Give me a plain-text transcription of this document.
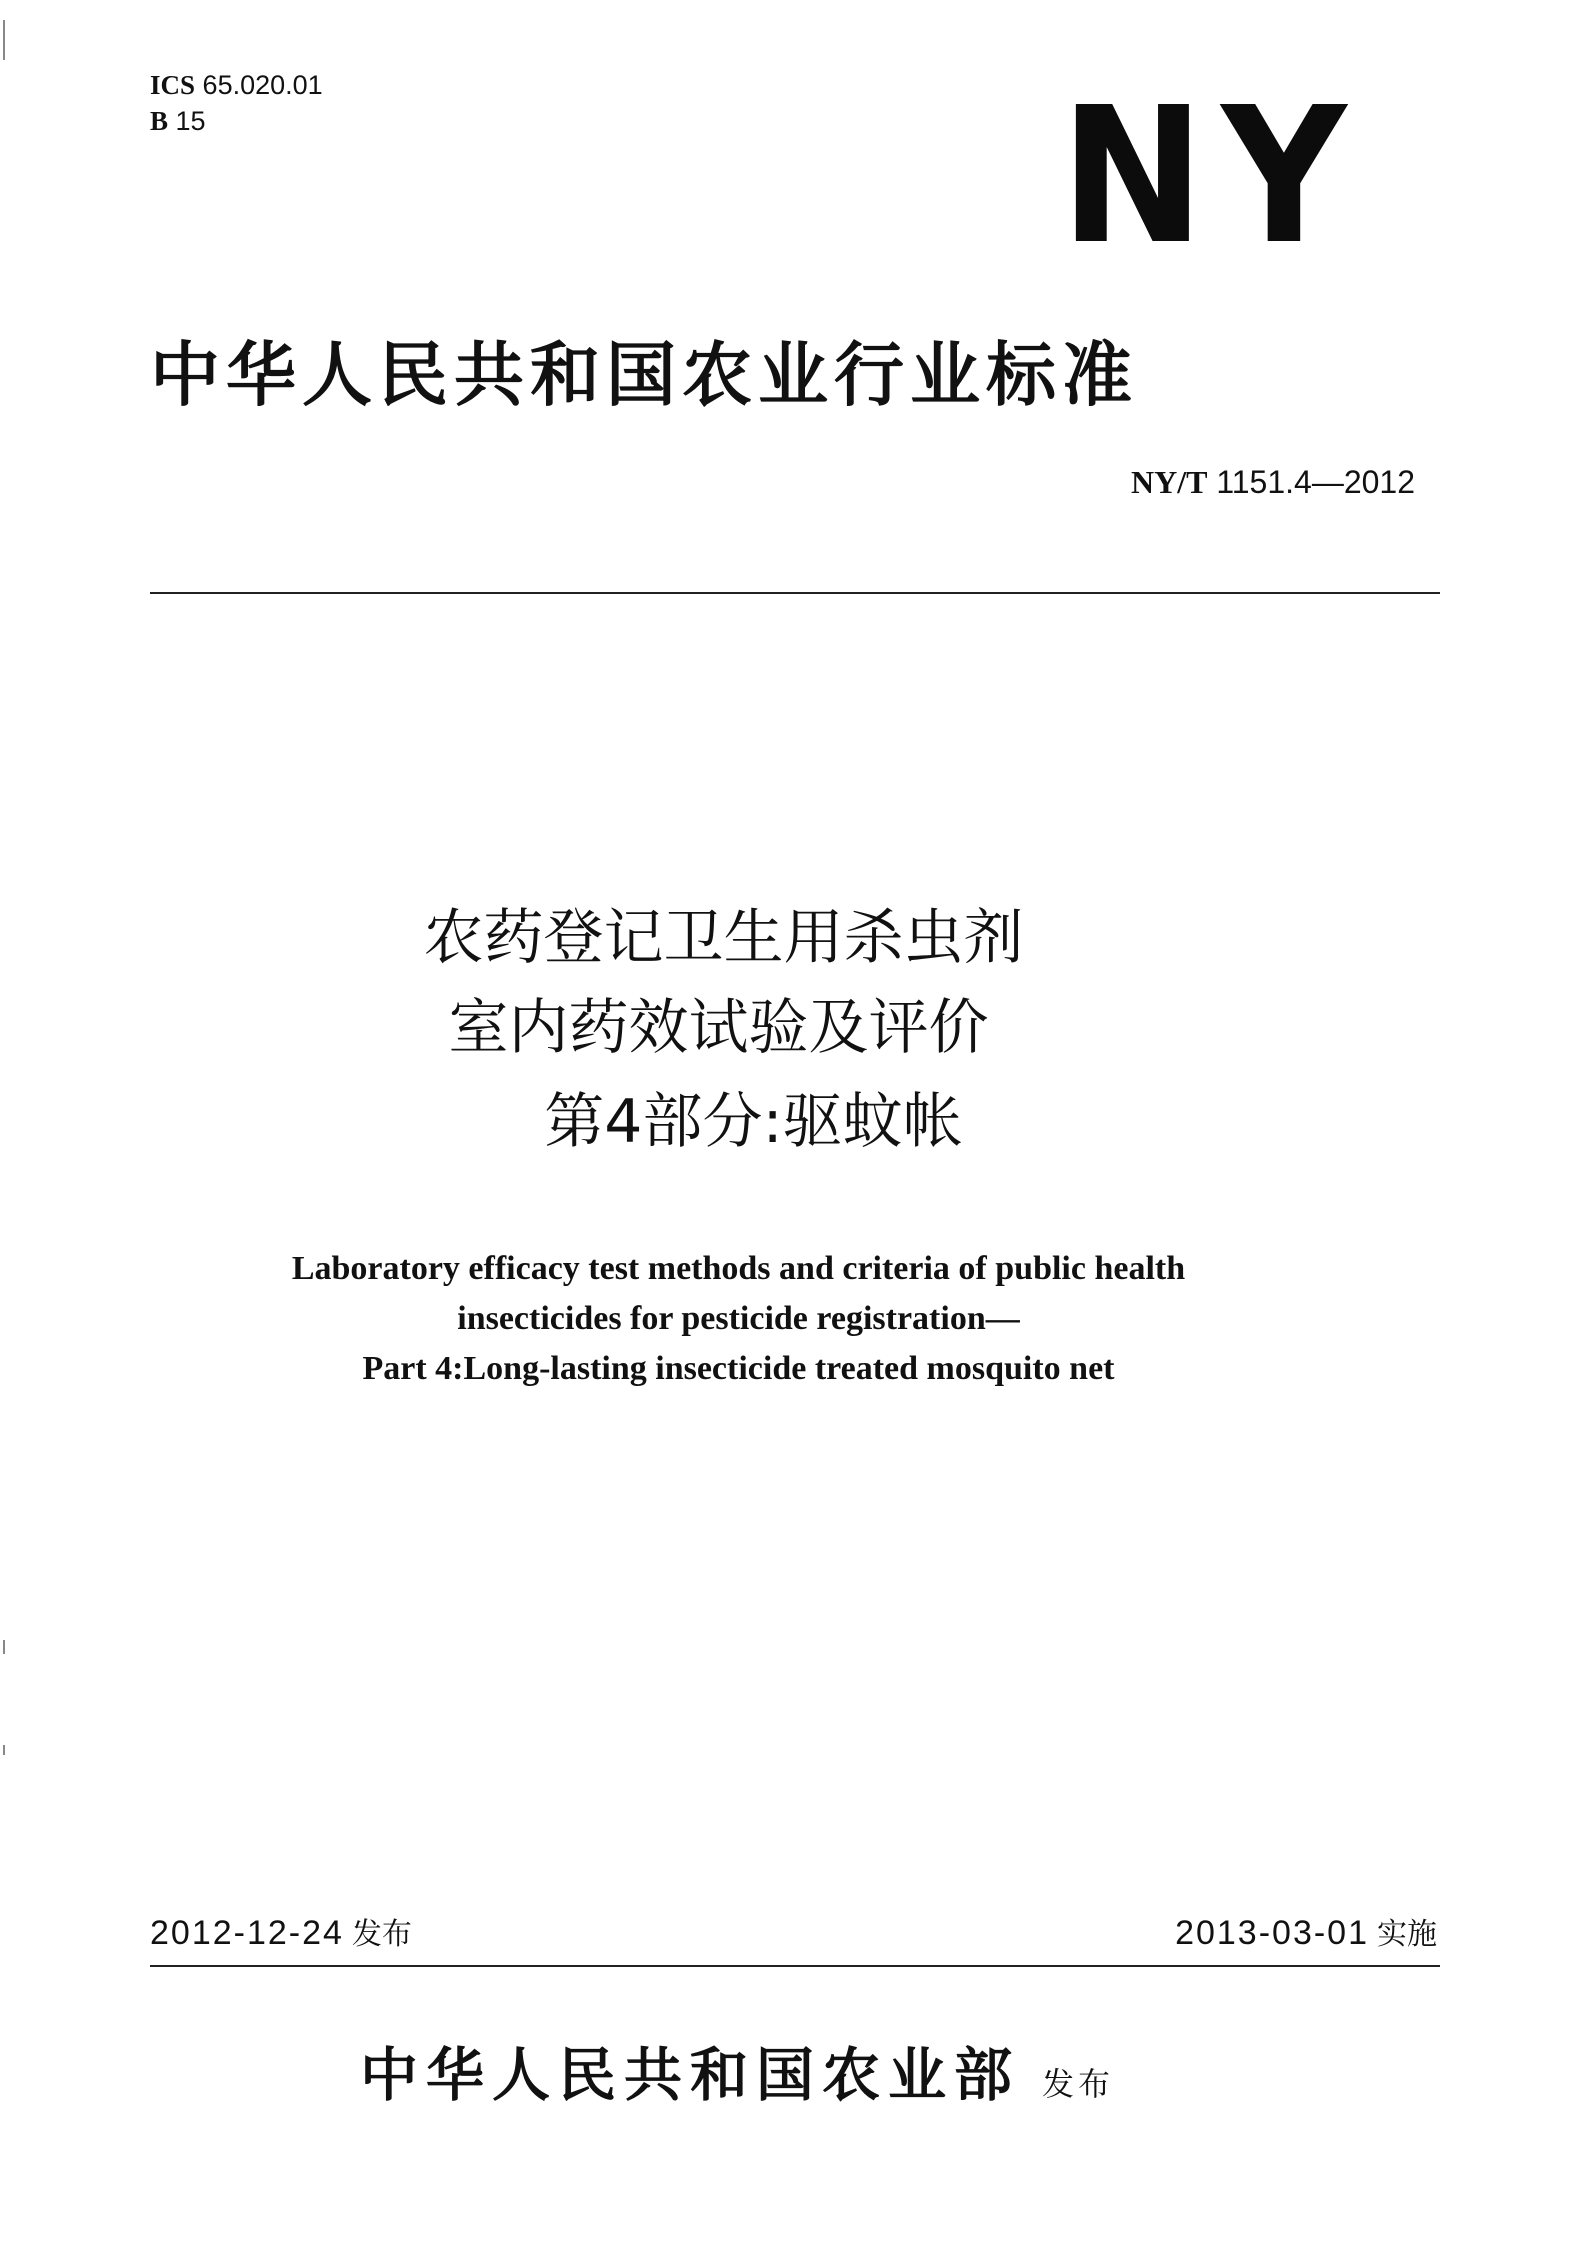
ICS 65.020.01
B 15	NY
中华人民共和国农业行业标准
NY/T 1151.4—2012
农药登记卫生用杀虫剂
室内药效试验及评价
第4部分:驱蚊帐
Laboratory efficacy test methods and criteria of public health
insecticides for pesticide registration—
Part 4:Long-lasting insecticide treated mosquito net
2012-12-24 发布	2013-03-01 实施
中华人民共和国农业部 发布
